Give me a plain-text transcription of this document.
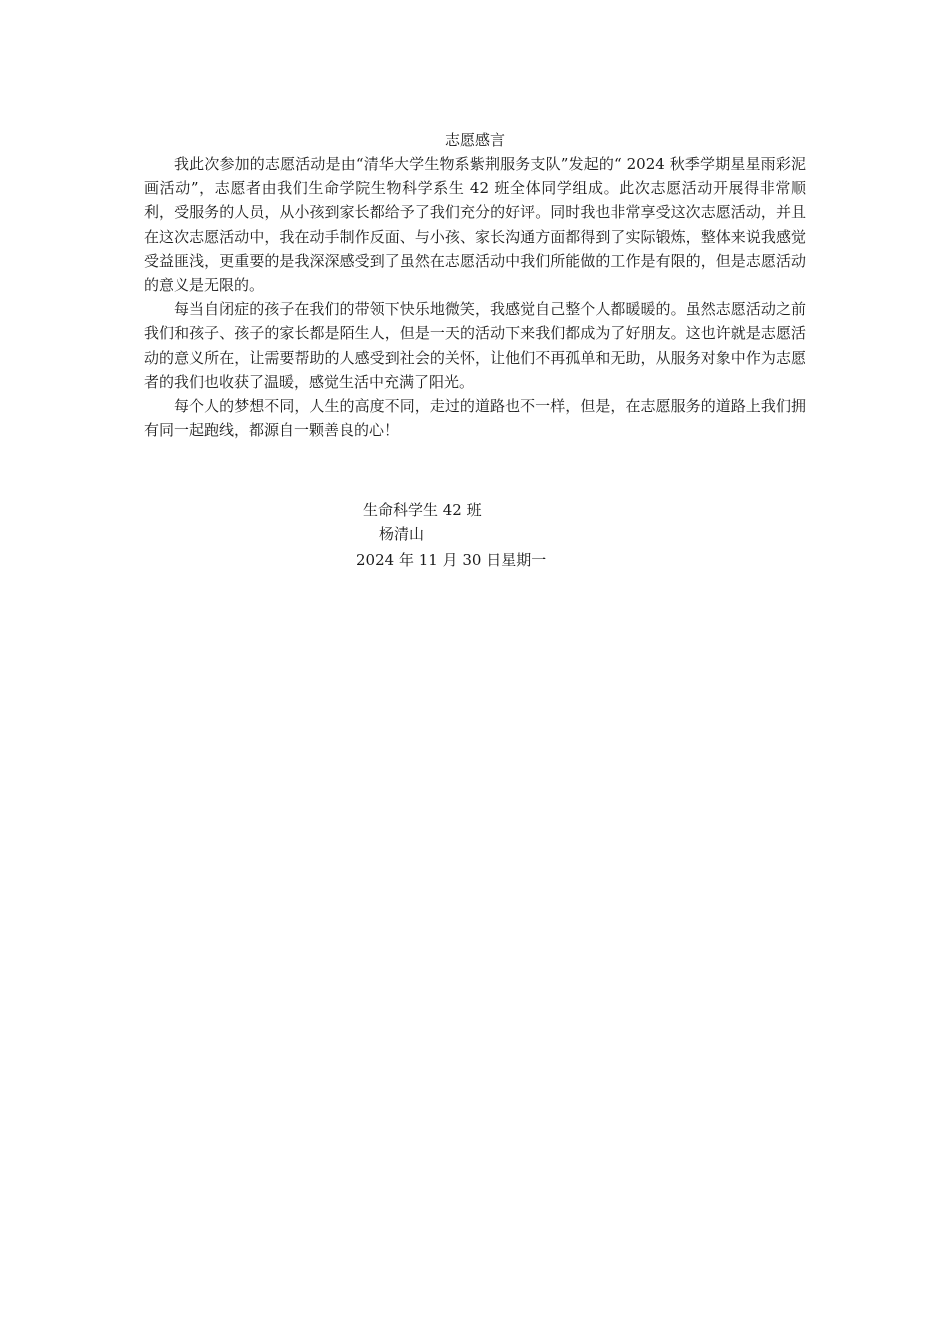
志愿感言

我此次参加的志愿活动是由“清华大学生物系紫荆服务支队”发起的“ 2024 秋季学期星星雨彩泥画活动”，志愿者由我们生命学院生物科学系生 42 班全体同学组成。此次志愿活动开展得非常顺利，受服务的人员，从小孩到家长都给予了我们充分的好评。同时我也非常享受这次志愿活动，并且在这次志愿活动中，我在动手制作反面、与小孩、家长沟通方面都得到了实际锻炼，整体来说我感觉受益匪浅，更重要的是我深深感受到了虽然在志愿活动中我们所能做的工作是有限的，但是志愿活动的意义是无限的。

每当自闭症的孩子在我们的带领下快乐地微笑，我感觉自己整个人都暖暖的。虽然志愿活动之前我们和孩子、孩子的家长都是陌生人，但是一天的活动下来我们都成为了好朋友。这也许就是志愿活动的意义所在，让需要帮助的人感受到社会的关怀，让他们不再孤单和无助，从服务对象中作为志愿者的我们也收获了温暖，感觉生活中充满了阳光。

每个人的梦想不同，人生的高度不同，走过的道路也不一样，但是，在志愿服务的道路上我们拥有同一起跑线，都源自一颗善良的心！

生命科学生 42 班
杨清山
2024 年 11 月 30 日星期一
